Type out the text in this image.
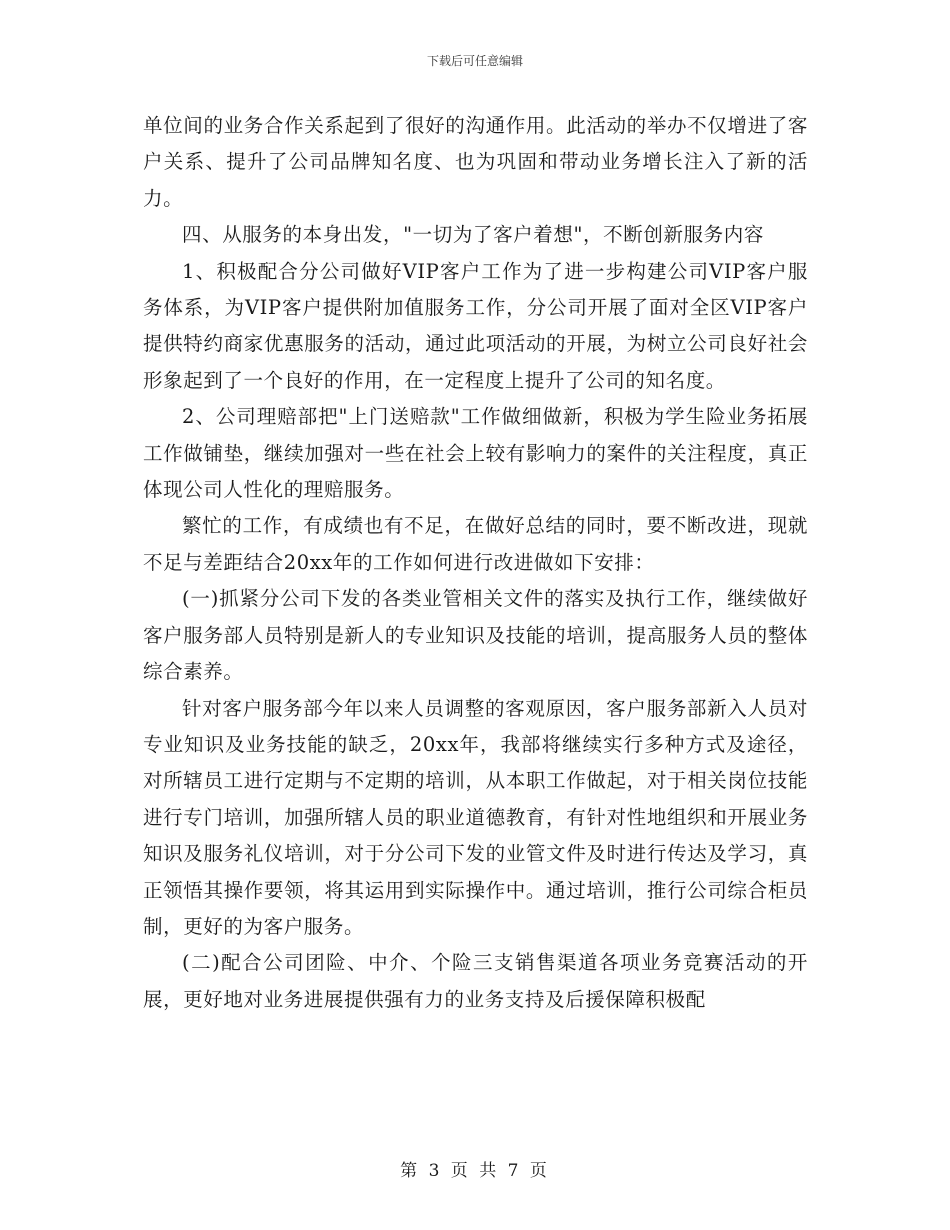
下载后可任意编辑

单位间的业务合作关系起到了很好的沟通作用。此活动的举办不仅增进了客户关系、提升了公司品牌知名度、也为巩固和带动业务增长注入了新的活力。

四、从服务的本身出发，"一切为了客户着想"，不断创新服务内容

1、积极配合分公司做好VIP客户工作为了进一步构建公司VIP客户服务体系，为VIP客户提供附加值服务工作，分公司开展了面对全区VIP客户提供特约商家优惠服务的活动，通过此项活动的开展，为树立公司良好社会形象起到了一个良好的作用，在一定程度上提升了公司的知名度。

2、公司理赔部把"上门送赔款"工作做细做新，积极为学生险业务拓展工作做铺垫，继续加强对一些在社会上较有影响力的案件的关注程度，真正体现公司人性化的理赔服务。

繁忙的工作，有成绩也有不足，在做好总结的同时，要不断改进，现就不足与差距结合20xx年的工作如何进行改进做如下安排：

(一)抓紧分公司下发的各类业管相关文件的落实及执行工作，继续做好客户服务部人员特别是新人的专业知识及技能的培训，提高服务人员的整体综合素养。

针对客户服务部今年以来人员调整的客观原因，客户服务部新入人员对专业知识及业务技能的缺乏，20xx年，我部将继续实行多种方式及途径，对所辖员工进行定期与不定期的培训，从本职工作做起，对于相关岗位技能进行专门培训，加强所辖人员的职业道德教育，有针对性地组织和开展业务知识及服务礼仪培训，对于分公司下发的业管文件及时进行传达及学习，真正领悟其操作要领，将其运用到实际操作中。通过培训，推行公司综合柜员制，更好的为客户服务。

(二)配合公司团险、中介、个险三支销售渠道各项业务竞赛活动的开展，更好地对业务进展提供强有力的业务支持及后援保障积极配

第 3 页 共 7 页
